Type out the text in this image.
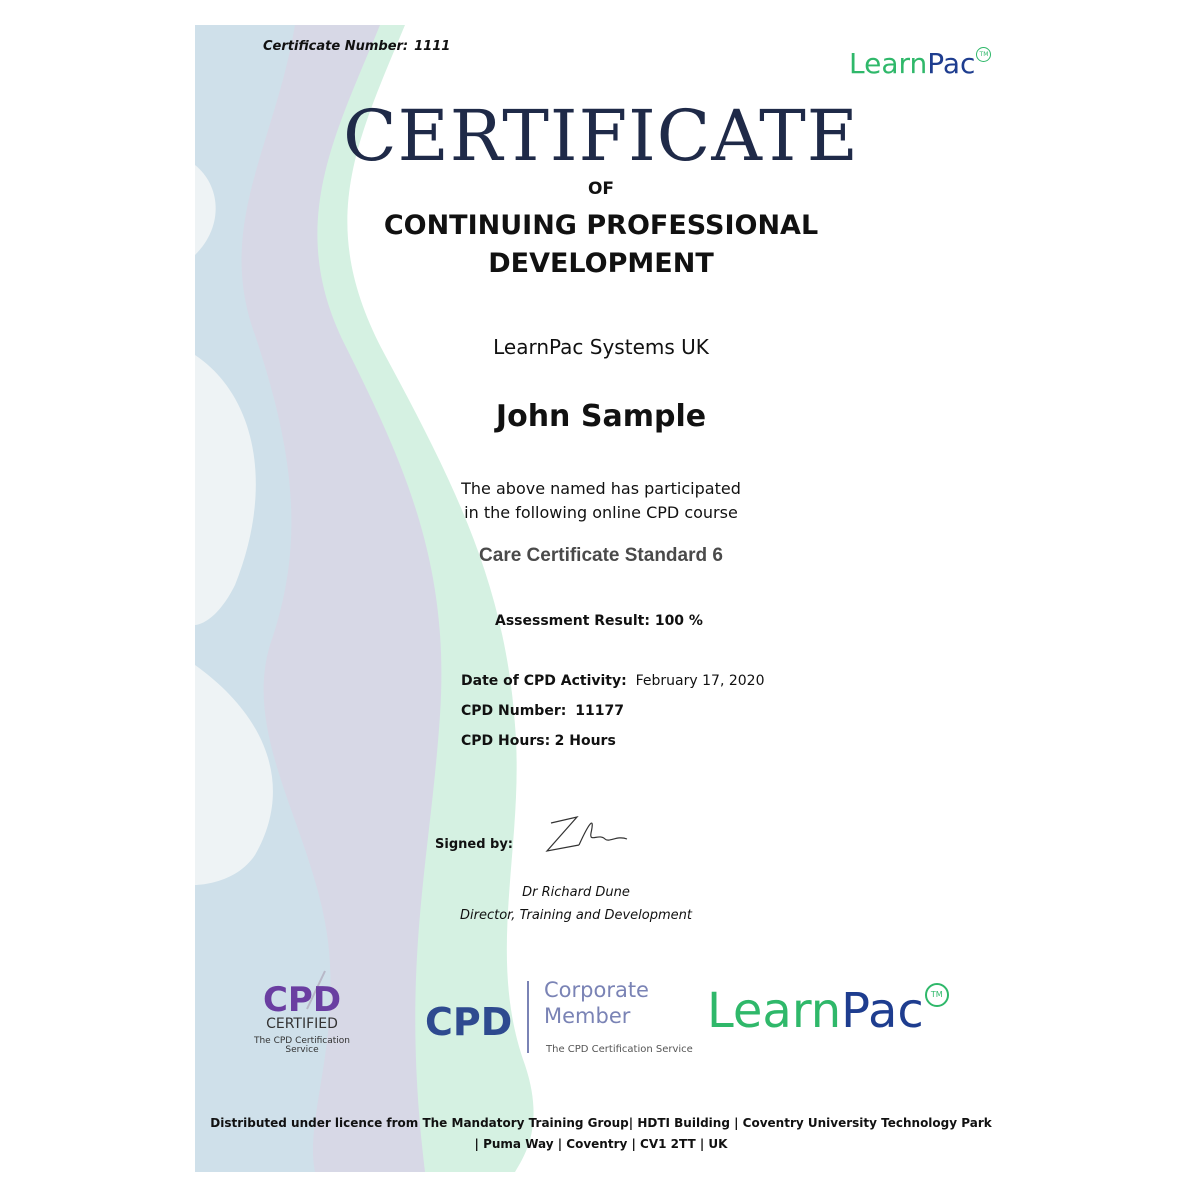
Certificate Number: 1111
LearnPac TM
CERTIFICATE
OF
CONTINUING PROFESSIONAL
DEVELOPMENT
LearnPac Systems UK
John Sample
The above named has participated
in the following online CPD course
Care Certificate Standard 6
Assessment Result: 100 %
Date of CPD Activity: February 17, 2020
CPD Number: 11177
CPD Hours: 2 Hours
Signed by:
Dr Richard Dune
Director, Training and Development
CPD
CERTIFIED
The CPD Certification
Service
CPD
Corporate
Member
The CPD Certification Service
LearnPac TM
Distributed under licence from The Mandatory Training Group| HDTI Building | Coventry University Technology Park
| Puma Way | Coventry | CV1 2TT | UK
